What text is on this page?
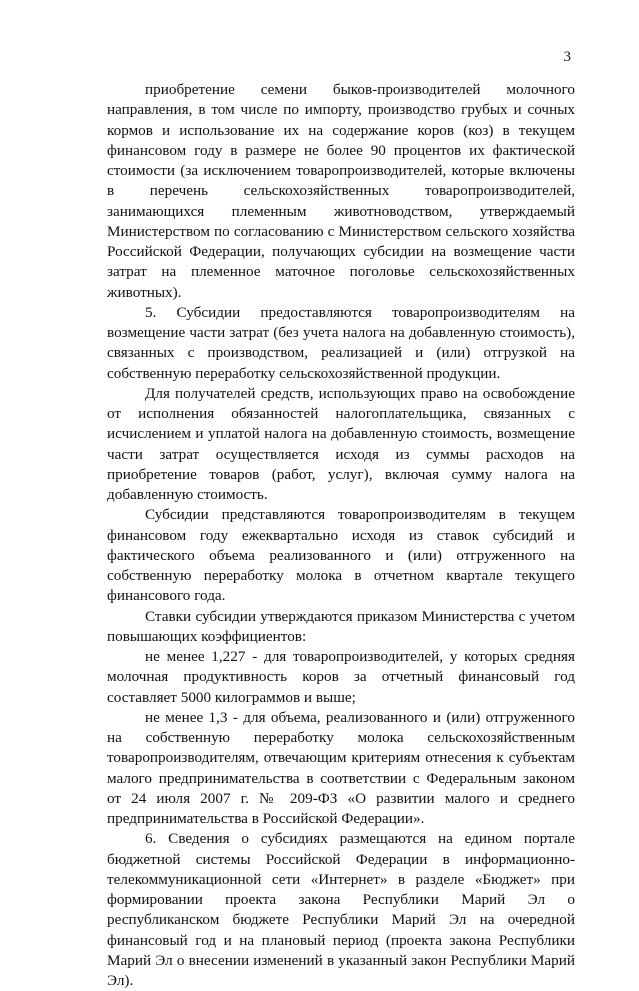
3

приобретение семени быков-производителей молочного направления, в том числе по импорту, производство грубых и сочных кормов и использование их на содержание коров (коз) в текущем финансовом году в размере не более 90 процентов их фактической стоимости (за исключением товаропроизводителей, которые включены в перечень сельскохозяйственных товаропроизводителей, занимающихся племенным животноводством, утверждаемый Министерством по согласованию с Министерством сельского хозяйства Российской Федерации, получающих субсидии на возмещение части затрат на племенное маточное поголовье сельскохозяйственных животных).

5. Субсидии предоставляются товаропроизводителям на возмещение части затрат (без учета налога на добавленную стоимость), связанных с производством, реализацией и (или) отгрузкой на собственную переработку сельскохозяйственной продукции.

Для получателей средств, использующих право на освобождение от исполнения обязанностей налогоплательщика, связанных с исчислением и уплатой налога на добавленную стоимость, возмещение части затрат осуществляется исходя из суммы расходов на приобретение товаров (работ, услуг), включая сумму налога на добавленную стоимость.

Субсидии представляются товаропроизводителям в текущем финансовом году ежеквартально исходя из ставок субсидий и фактического объема реализованного и (или) отгруженного на собственную переработку молока в отчетном квартале текущего финансового года.

Ставки субсидии утверждаются приказом Министерства с учетом повышающих коэффициентов:

не менее 1,227 - для товаропроизводителей, у которых средняя молочная продуктивность коров за отчетный финансовый год составляет 5000 килограммов и выше;

не менее 1,3 - для объема, реализованного и (или) отгруженного на собственную переработку молока сельскохозяйственным товаропроизводителям, отвечающим критериям отнесения к субъектам малого предпринимательства в соответствии с Федеральным законом от 24 июля 2007 г. № 209-ФЗ «О развитии малого и среднего предпринимательства в Российской Федерации».

6. Сведения о субсидиях размещаются на едином портале бюджетной системы Российской Федерации в информационно-телекоммуникационной сети «Интернет» в разделе «Бюджет» при формировании проекта закона Республики Марий Эл о республиканском бюджете Республики Марий Эл на очередной финансовый год и на плановый период (проекта закона Республики Марий Эл о внесении изменений в указанный закон Республики Марий Эл).
